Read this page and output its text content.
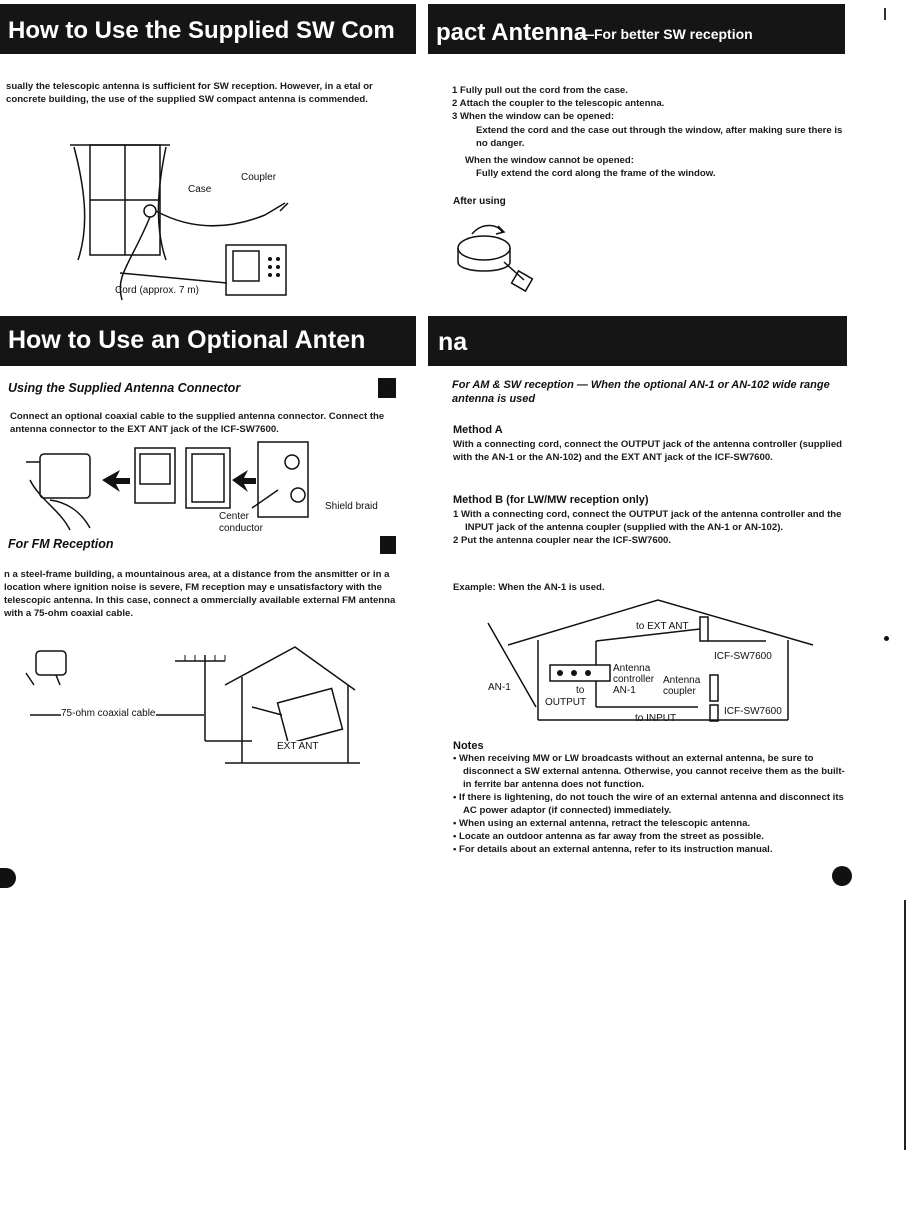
How to Use the Supplied SW Com pact Antenna
—For better SW reception
sually the telescopic antenna is sufficient for SW reception. However, in a etal or concrete building, the use of the supplied SW compact antenna is commended.
Case
Coupler
Cord (approx. 7 m)
1 Fully pull out the cord from the case.
2 Attach the coupler to the telescopic antenna.
3 When the window can be opened:
Extend the cord and the case out through the window, after making sure there is no danger.
When the window cannot be opened:
Fully extend the cord along the frame of the window.
After using
How to Use an Optional Anten	na
Using the Supplied Antenna Connector
Connect an optional coaxial cable to the supplied antenna connector. Connect the antenna connector to the EXT ANT jack of the ICF-SW7600.
Shield braid
Center conductor
For FM Reception
n a steel-frame building, a mountainous area, at a distance from the ansmitter or in a location where ignition noise is severe, FM reception may e unsatisfactory with the telescopic antenna. In this case, connect a ommercially available external FM antenna with a 75-ohm coaxial cable.
75-ohm coaxial cable
EXT ANT
For AM & SW reception — When the optional AN-1 or AN-102 wide range antenna is used
Method A
With a connecting cord, connect the OUTPUT jack of the antenna controller (supplied with the AN-1 or the AN-102) and the EXT ANT jack of the ICF-SW7600.
Method B (for LW/MW reception only)
1 With a connecting cord, connect the OUTPUT jack of the antenna controller and the INPUT jack of the antenna coupler (supplied with the AN-1 or AN-102).
2 Put the antenna coupler near the ICF-SW7600.
Example: When the AN-1 is used.
to EXT ANT
ICF-SW7600
Antenna controller Antenna coupler
AN-1	to	AN-1
OUTPUT
ICF-SW7600
to INPUT
Notes
• When receiving MW or LW broadcasts without an external antenna, be sure to disconnect a SW external antenna. Otherwise, you cannot receive them as the built-in ferrite bar antenna does not function.
• If there is lightening, do not touch the wire of an external antenna and disconnect its AC power adaptor (if connected) immediately.
• When using an external antenna, retract the telescopic antenna.
• Locate an outdoor antenna as far away from the street as possible.
• For details about an external antenna, refer to its instruction manual.
